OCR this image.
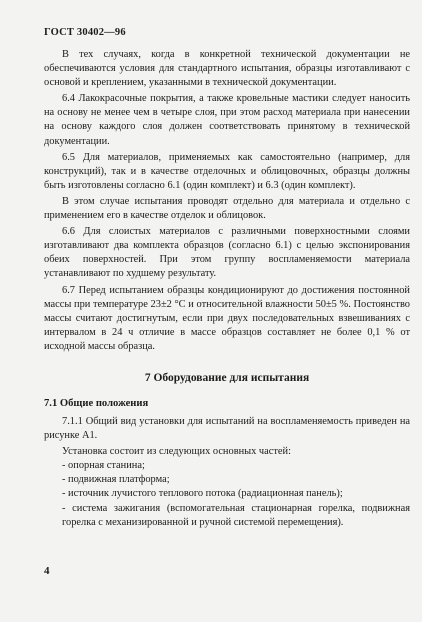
ГОСТ 30402—96

В тех случаях, когда в конкретной технической документации не обеспечиваются условия для стандартного испытания, образцы изготавливают с основой и креплением, указанными в технической документации.

6.4 Лакокрасочные покрытия, а также кровельные мастики следует наносить на основу не менее чем в четыре слоя, при этом расход материала при нанесении на основу каждого слоя должен соответствовать принятому в технической документации.

6.5 Для материалов, применяемых как самостоятельно (например, для конструкций), так и в качестве отделочных и облицовочных, образцы должны быть изготовлены согласно 6.1 (один комплект) и 6.3 (один комплект).

В этом случае испытания проводят отдельно для материала и отдельно с применением его в качестве отделок и облицовок.

6.6 Для слоистых материалов с различными поверхностными слоями изготавливают два комплекта образцов (согласно 6.1) с целью экспонирования обеих поверхностей. При этом группу воспламеняемости материала устанавливают по худшему результату.

6.7 Перед испытанием образцы кондиционируют до достижения постоянной массы при температуре 23±2 °С и относительной влажности 50±5 %. Постоянство массы считают достигнутым, если при двух последовательных взвешиваниях с интервалом в 24 ч отличие в массе образцов составляет не более 0,1 % от исходной массы образца.

7 Оборудование для испытания
7.1 Общие положения

7.1.1 Общий вид установки для испытаний на воспламеняемость приведен на рисунке А1.

Установка состоит из следующих основных частей:

- опорная станина;
- подвижная платформа;
- источник лучистого теплового потока (радиационная панель);
- система зажигания (вспомогательная стационарная горелка, подвижная горелка с механизированной и ручной системой перемещения).
4
